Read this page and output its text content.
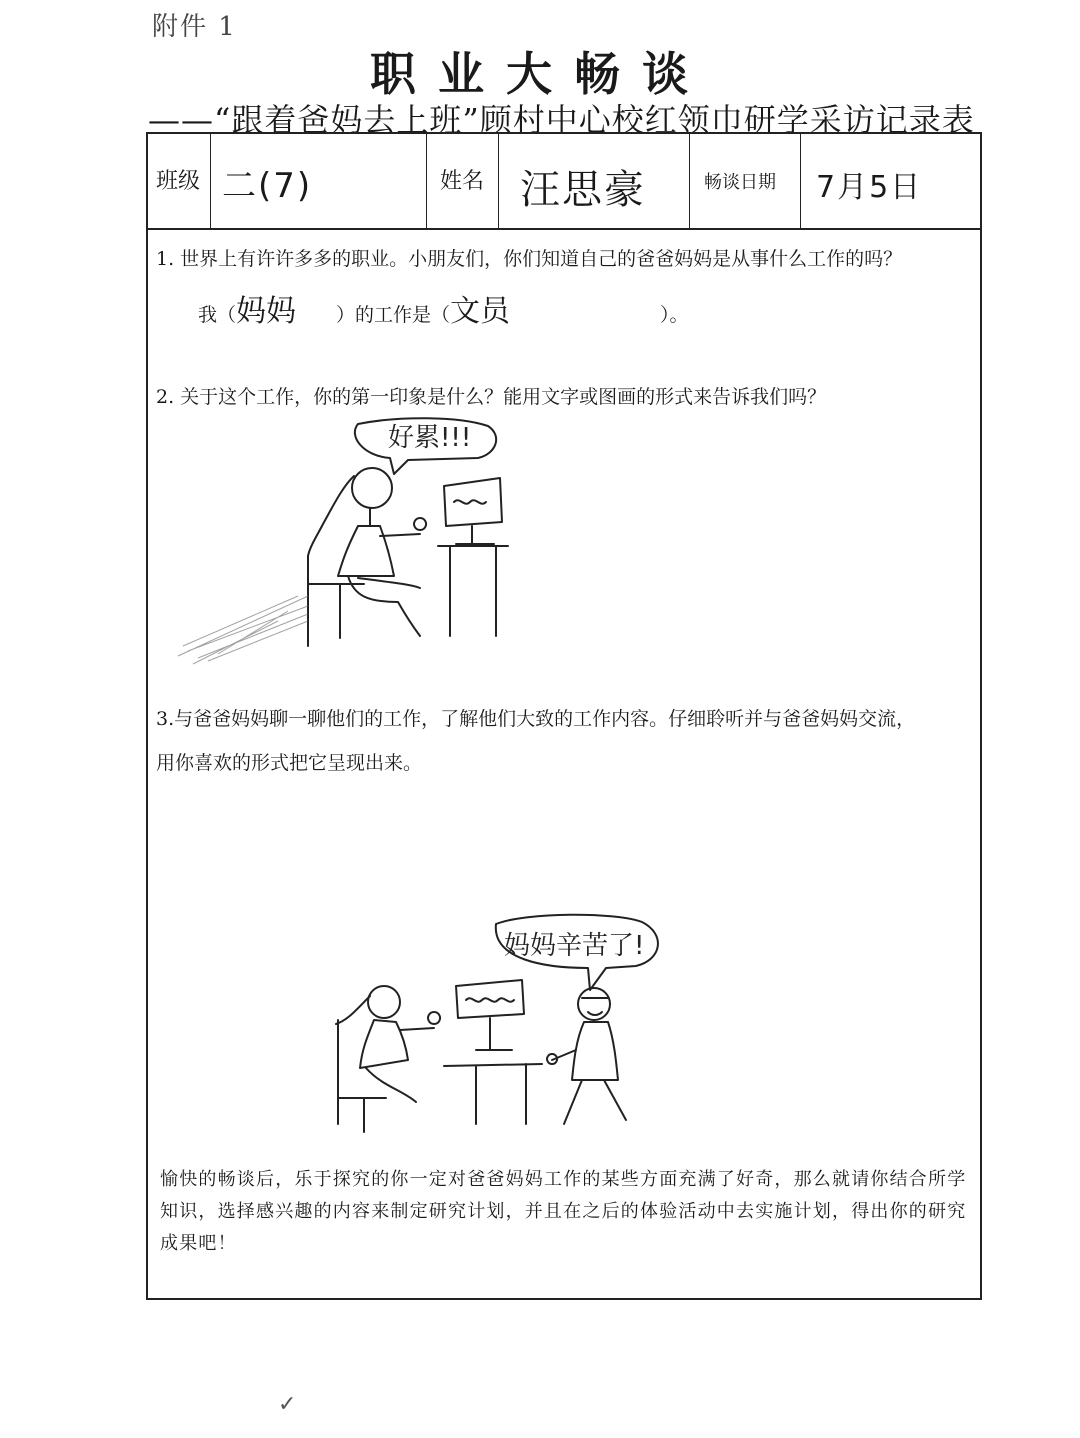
附件 1
职业大畅谈
——“跟着爸妈去上班”顾村中心校红领巾研学采访记录表
班级 二(7)	姓名 汪思豪	畅谈日期 7月5日
1. 世界上有许许多多的职业。小朋友们，你们知道自己的爸爸妈妈是从事什么工作的吗？
我（妈妈 ）的工作是（文员	）。
2. 关于这个工作，你的第一印象是什么？能用文字或图画的形式来告诉我们吗？
好累!!!
3.与爸爸妈妈聊一聊他们的工作，了解他们大致的工作内容。仔细聆听并与爸爸妈妈交流，
用你喜欢的形式把它呈现出来。
妈妈辛苦了!
愉快的畅谈后，乐于探究的你一定对爸爸妈妈工作的某些方面充满了好奇，那么就请你结合所学知识，选择感兴趣的内容来制定研究计划，并且在之后的体验活动中去实施计划，得出你的研究成果吧！
✓
